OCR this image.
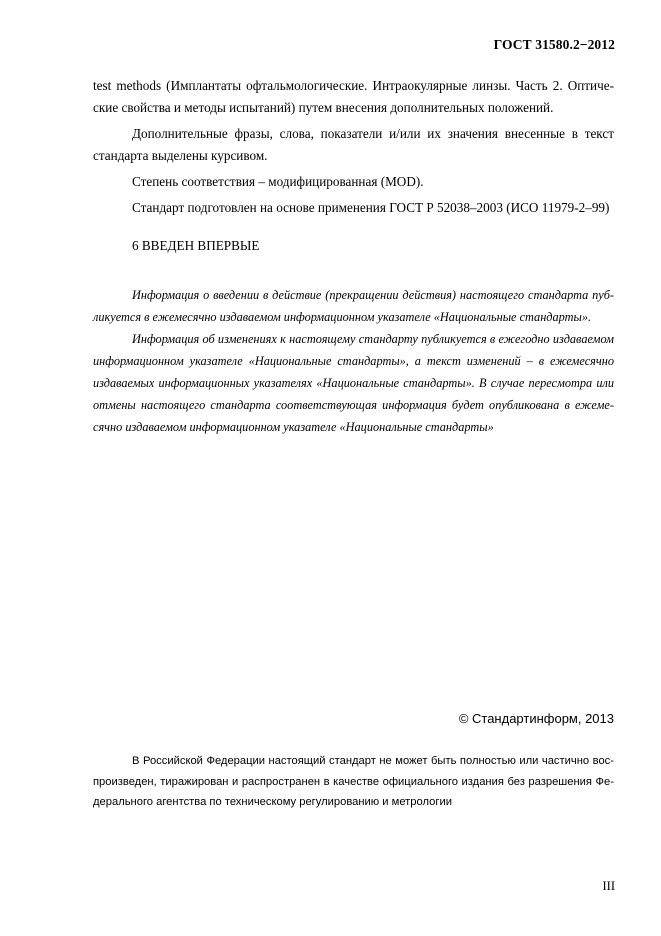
ГОСТ 31580.2−2012

test methods (Имплантаты офтальмологические. Интраокулярные линзы. Часть 2. Оптические свойства и методы испытаний) путем внесения дополнительных положений.

Дополнительные фразы, слова, показатели и/или их значения внесенные в текст стандарта выделены курсивом.

Степень соответствия – модифицированная (MOD).

Стандарт подготовлен на основе применения ГОСТ Р 52038–2003 (ИСО 11979-2–99)

6 ВВЕДЕН ВПЕРВЫЕ

Информация о введении в действие (прекращении действия) настоящего стандарта публикуется в ежемесячно издаваемом информационном указателе «Национальные стандарты».

Информация об изменениях к настоящему стандарту публикуется в ежегодно издаваемом информационном указателе «Национальные стандарты», а текст изменений – в ежемесячно издаваемых информационных указателях «Национальные стандарты». В случае пересмотра или отмены настоящего стандарта соответствующая информация будет опубликована в ежемесячно издаваемом информационном указателе «Национальные стандарты»

© Стандартинформ, 2013

В Российской Федерации настоящий стандарт не может быть полностью или частично воспроизведен, тиражирован и распространен в качестве официального издания без разрешения Федерального агентства по техническому регулированию и метрологии

III
